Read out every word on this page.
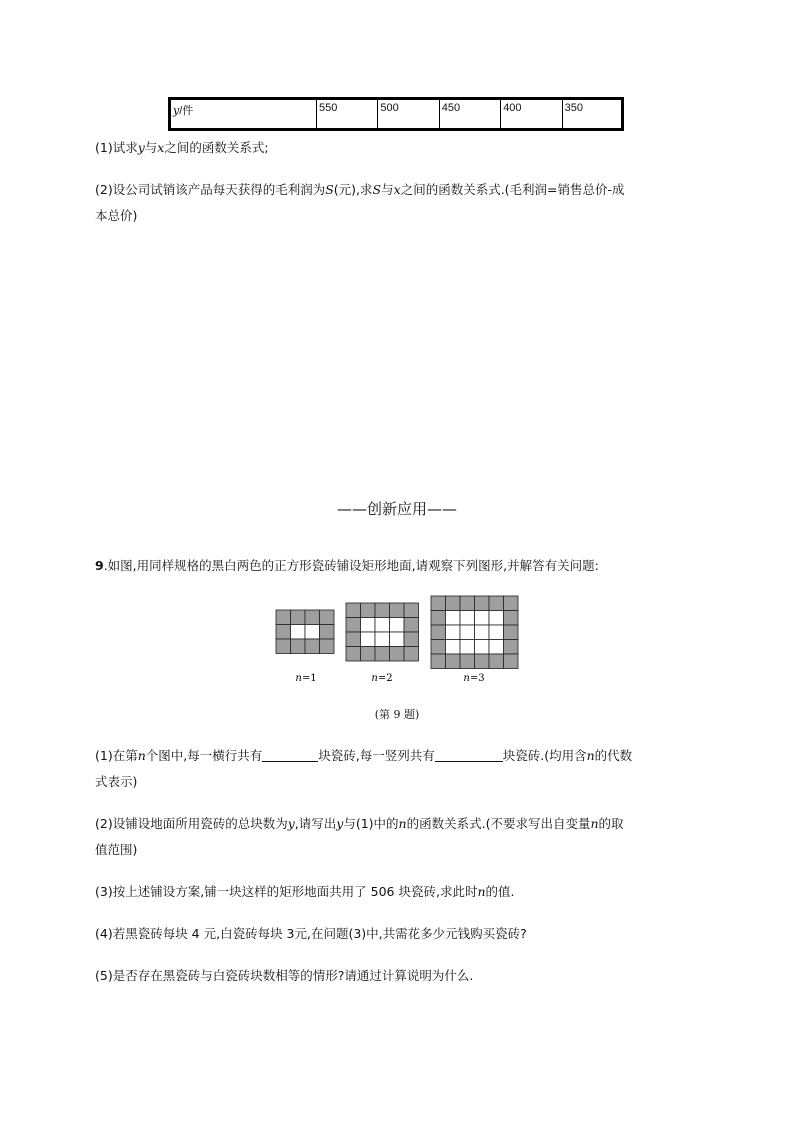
y/件	550	500	450	400	350
(1)试求y与x之间的函数关系式;
(2)设公司试销该产品每天获得的毛利润为S(元),求S与x之间的函数关系式.(毛利润=销售总价-成
本总价)
——创新应用——
9.如图,用同样规格的黑白两色的正方形瓷砖铺设矩形地面,请观察下列图形,并解答有关问题:
n=1	n=2	n=3
(第 9 题)
(1)在第n个图中,每一横行共有	块瓷砖,每一竖列共有	块瓷砖.(均用含n的代数
式表示)
(2)设铺设地面所用瓷砖的总块数为y,请写出y与(1)中的n的函数关系式.(不要求写出自变量n的取
值范围)
(3)按上述铺设方案,铺一块这样的矩形地面共用了 506 块瓷砖,求此时n的值.
(4)若黑瓷砖每块 4 元,白瓷砖每块 3元,在问题(3)中,共需花多少元钱购买瓷砖?
(5)是否存在黑瓷砖与白瓷砖块数相等的情形?请通过计算说明为什么.
